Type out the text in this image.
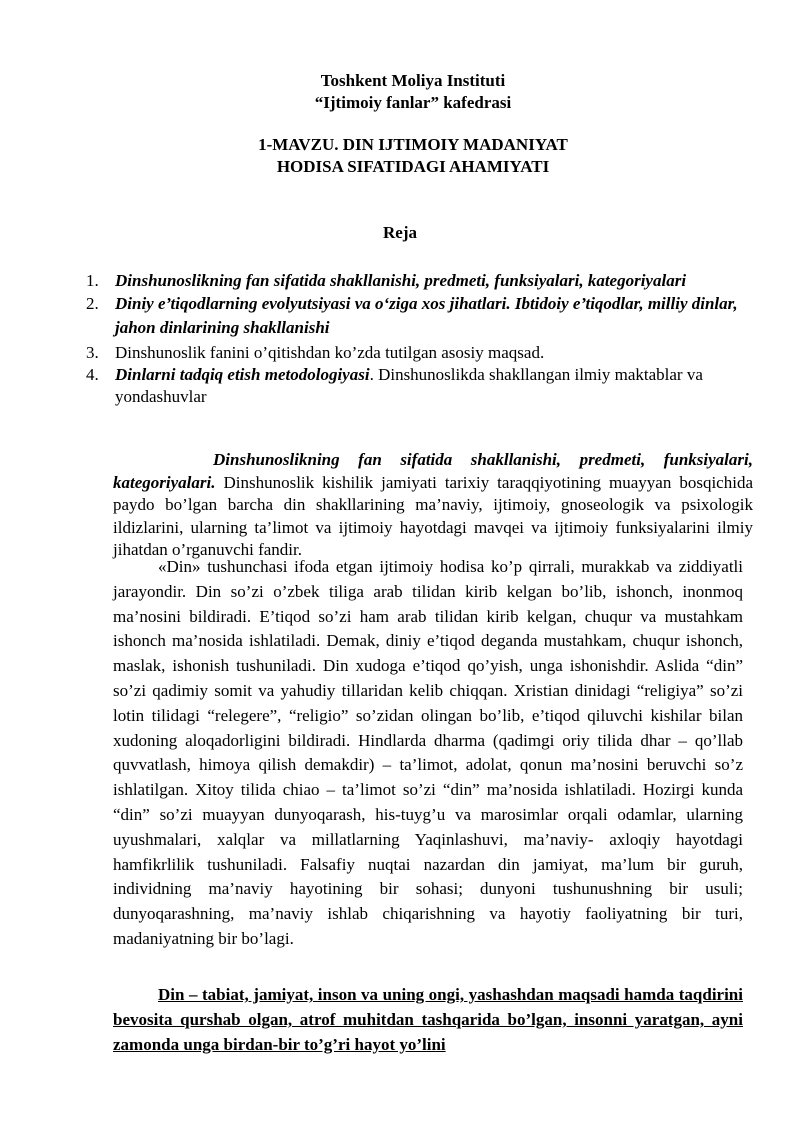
Toshkent Moliya Instituti
“Ijtimoiy fanlar” kafedrasi
1-MAVZU. DIN IJTIMOIY MADANIYAT
HODISA SIFATIDAGI AHAMIYATI
Reja
1. Dinshunoslikning fan sifatida shakllanishi, predmeti, funksiyalari, kategoriyalari
2. Diniy e’tiqodlarning evolyutsiyasi va o‘ziga xos jihatlari. Ibtidoiy e’tiqodlar, milliy dinlar, jahon dinlarining shakllanishi
3. Dinshunoslik fanini o’qitishdan ko’zda tutilgan asosiy maqsad.
4. Dinlarni tadqiq etish metodologiyasi. Dinshunoslikda shakllangan ilmiy maktablar va yondashuvlar
Dinshunoslikning fan sifatida shakllanishi, predmeti, funksiyalari, kategoriyalari. Dinshunoslik kishilik jamiyati tarixiy taraqqiyotining muayyan bosqichida paydo bo’lgan barcha din shakllarining ma’naviy, ijtimoiy, gnoseologik va psixologik ildizlarini, ularning ta’limot va ijtimoiy hayotdagi mavqei va ijtimoiy funksiyalarini ilmiy jihatdan o’rganuvchi fandir.
«Din» tushunchasi ifoda etgan ijtimoiy hodisa ko’p qirrali, murakkab va ziddiyatli jarayondir. Din so’zi o’zbek tiliga arab tilidan kirib kelgan bo’lib, ishonch, inonmoq ma’nosini bildiradi. E’tiqod so’zi ham arab tilidan kirib kelgan, chuqur va mustahkam ishonch ma’nosida ishlatiladi. Demak, diniy e’tiqod deganda mustahkam, chuqur ishonch, maslak, ishonish tushuniladi. Din xudoga e’tiqod qo’yish, unga ishonishdir. Aslida “din” so’zi qadimiy somit va yahudiy tillaridan kelib chiqqan. Xristian dinidagi “religiya” so’zi lotin tilidagi “relegere”, “religio” so’zidan olingan bo’lib, e’tiqod qiluvchi kishilar bilan xudoning aloqadorligini bildiradi. Hindlarda dharma (qadimgi oriy tilida dhar – qo’llab quvvatlash, himoya qilish demakdir) – ta’limot, adolat, qonun ma’nosini beruvchi so’z ishlatilgan. Xitoy tilida chiao – ta’limot so’zi “din” ma’nosida ishlatiladi. Hozirgi kunda “din” so’zi muayyan dunyoqarash, his-tuyg’u va marosimlar orqali odamlar, ularning uyushmalari, xalqlar va millatlarning Yaqinlashuvi, ma’naviy- axloqiy hayotdagi hamfikrlilik tushuniladi. Falsafiy nuqtai nazardan din jamiyat, ma’lum bir guruh, individning ma’naviy hayotining bir sohasi; dunyoni tushunushning bir usuli; dunyoqarashning, ma’naviy ishlab chiqarishning va hayotiy faoliyatning bir turi, madaniyatning bir bo’lagi.
Din – tabiat, jamiyat, inson va uning ongi, yashashdan maqsadi hamda taqdirini bevosita qurshab olgan, atrof muhitdan tashqarida bo’lgan, insonni yaratgan, ayni zamonda unga birdan-bir to’g’ri hayot yo’lini
